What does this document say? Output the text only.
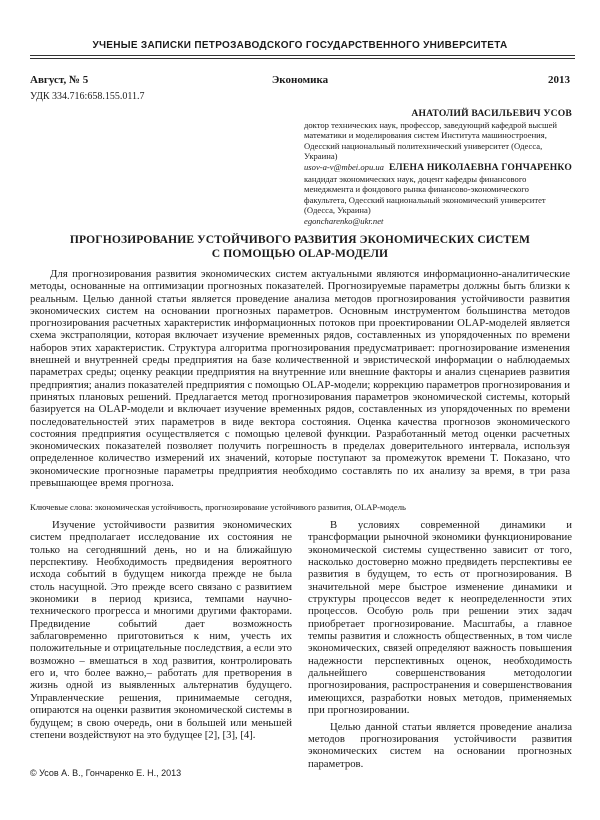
УЧЕНЫЕ ЗАПИСКИ ПЕТРОЗАВОДСКОГО ГОСУДАРСТВЕННОГО УНИВЕРСИТЕТА
Август, № 5	Экономика	2013
УДК 334.716:658.155.011.7
АНАТОЛИЙ ВАСИЛЬЕВИЧ УСОВ
доктор технических наук, профессор, заведующий кафедрой высшей математики и моделирования систем Института машиностроения, Одесский национальный политехнический университет (Одесса, Украина)
usov-a-v@mbei.opu.ua ЕЛЕНА НИКОЛАЕВНА ГОНЧАРЕНКО
кандидат экономических наук, доцент кафедры финансового менеджмента и фондового рынка финансово-экономического факультета, Одесский национальный экономический университет (Одесса, Украина)
egoncharenko@ukr.net
ПРОГНОЗИРОВАНИЕ УСТОЙЧИВОГО РАЗВИТИЯ ЭКОНОМИЧЕСКИХ СИСТЕМ
С ПОМОЩЬЮ OLAP-МОДЕЛИ
Для прогнозирования развития экономических систем актуальными являются информационно-аналитические методы, основанные на оптимизации прогнозных показателей. Прогнозируемые параметры должны быть близки к реальным. Целью данной статьи является проведение анализа методов прогнозирования устойчивости развития экономических систем на основании прогнозных параметров. Основным инструментом большинства методов прогнозирования расчетных характеристик информационных потоков при проектировании OLAP-моделей является схема экстраполяции, которая включает изучение временных рядов, составленных из упорядоченных по времени наборов этих характеристик. Структура алгоритма прогнозирования предусматривает: прогнозирование изменения внешней и внутренней среды предприятия на базе количественной и эвристической информации о наблюдаемых параметрах среды; оценку реакции предприятия на внутренние или внешние факторы и анализ сценариев развития предприятия; анализ показателей предприятия с помощью OLAP-модели; коррекцию параметров прогнозирования и принятых плановых решений. Предлагается метод прогнозирования параметров экономической системы, который базируется на OLAP-модели и включает изучение временных рядов, составленных из упорядоченных по времени последовательностей этих параметров в виде вектора состояния. Оценка качества прогнозов экономического состояния предприятия осуществляется с помощью целевой функции. Разработанный метод оценки расчетных экономических показателей позволяет получить погрешность в пределах доверительного интервала, используя определенное количество измерений их значений, которые поступают за промежуток времени T. Показано, что экономические прогнозные параметры предприятия необходимо составлять по их анализу за время, в три раза превышающее время прогноза.
Ключевые слова: экономическая устойчивость, прогнозирование устойчивого развития, OLAP-модель

Изучение устойчивости развития экономических систем предполагает исследование их состояния не только на сегодняшний день, но и на ближайшую перспективу. Необходимость предвидения вероятного исхода событий в будущем никогда прежде не была столь насущной. Это прежде всего связано с развитием экономики в период кризиса, темпами научно-технического прогресса и многими другими факторами. Предвидение событий дает возможность заблаговременно приготовиться к ним, учесть их положительные и отрицательные последствия, а если это возможно – вмешаться в ход развития, контролировать его и, что более важно,– работать для претворения в жизнь одной из выявленных альтернатив будущего. Управленческие решения, принимаемые сегодня, опираются на оценки развития экономической системы в будущем; в свою очередь, они в большей или меньшей степени воздействуют на это будущее [2], [3], [4].

В условиях современной динамики и трансформации рыночной экономики функционирование экономической системы существенно зависит от того, насколько достоверно можно предвидеть перспективы ее развития в будущем, то есть от прогнозирования. В значительной мере быстрое изменение динамики и структуры процессов ведет к неопределенности этих процессов. Особую роль при решении этих задач приобретает прогнозирование. Масштабы, а главное темпы развития и сложность общественных, в том числе экономических, связей определяют важность повышения надежности перспективных оценок, необходимость дальнейшего совершенствования методологии прогнозирования, распространения и совершенствования имеющихся, разработки новых методов, применяемых при прогнозировании.

Целью данной статьи является проведение анализа методов прогнозирования устойчивости развития экономических систем на основании прогнозных параметров.

© Усов А. В., Гончаренко Е. Н., 2013
